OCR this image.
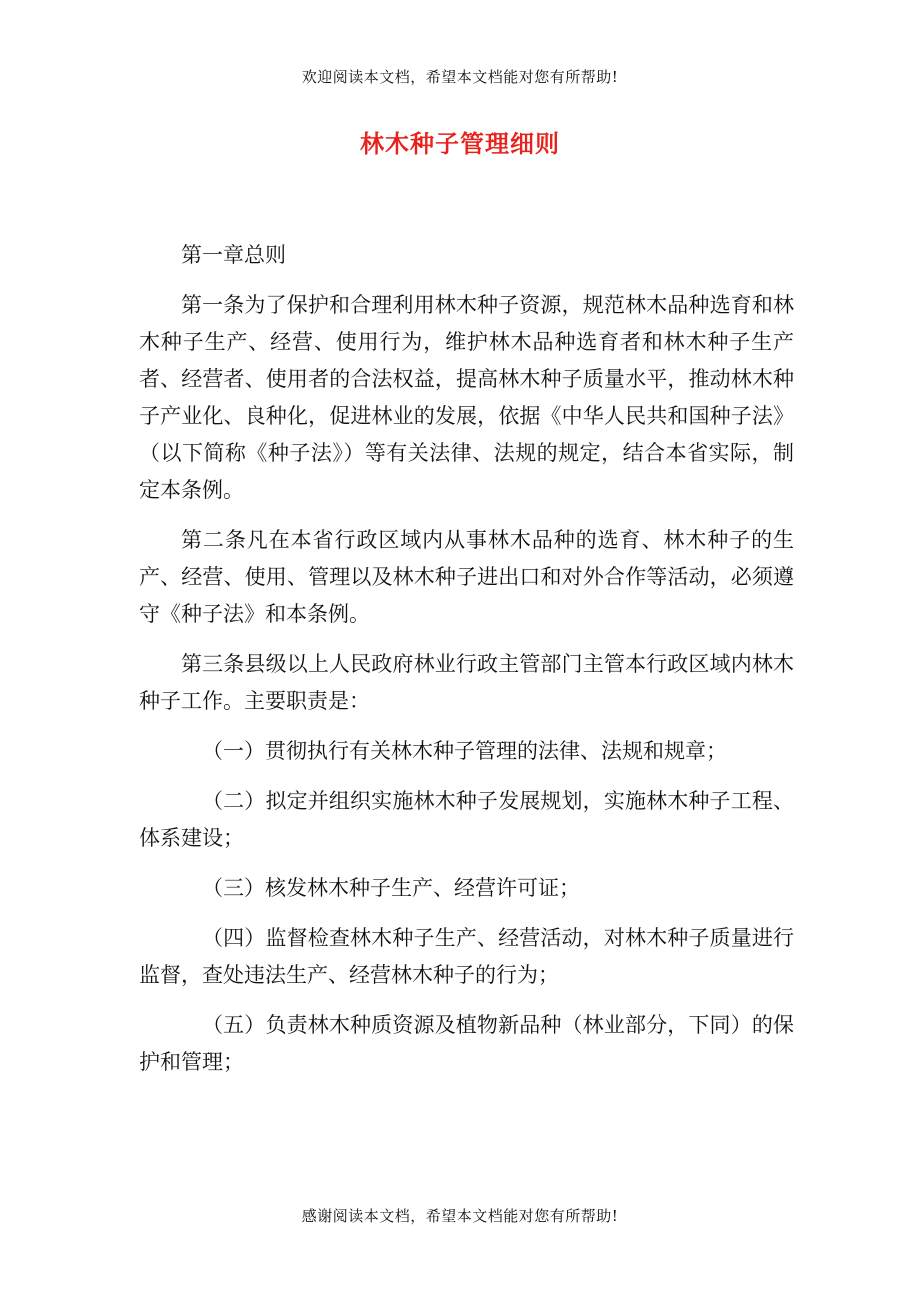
欢迎阅读本文档，希望本文档能对您有所帮助!
林木种子管理细则

第一章总则

第一条为了保护和合理利用林木种子资源，规范林木品种选育和林木种子生产、经营、使用行为，维护林木品种选育者和林木种子生产者、经营者、使用者的合法权益，提高林木种子质量水平，推动林木种子产业化、良种化，促进林业的发展，依据《中华人民共和国种子法》（以下简称《种子法》）等有关法律、法规的规定，结合本省实际，制定本条例。

第二条凡在本省行政区域内从事林木品种的选育、林木种子的生产、经营、使用、管理以及林木种子进出口和对外合作等活动，必须遵守《种子法》和本条例。

第三条县级以上人民政府林业行政主管部门主管本行政区域内林木种子工作。主要职责是：

（一）贯彻执行有关林木种子管理的法律、法规和规章；

（二）拟定并组织实施林木种子发展规划，实施林木种子工程、体系建设；

（三）核发林木种子生产、经营许可证；

（四）监督检查林木种子生产、经营活动，对林木种子质量进行监督，查处违法生产、经营林木种子的行为；

（五）负责林木种质资源及植物新品种（林业部分，下同）的保护和管理；

感谢阅读本文档，希望本文档能对您有所帮助!
